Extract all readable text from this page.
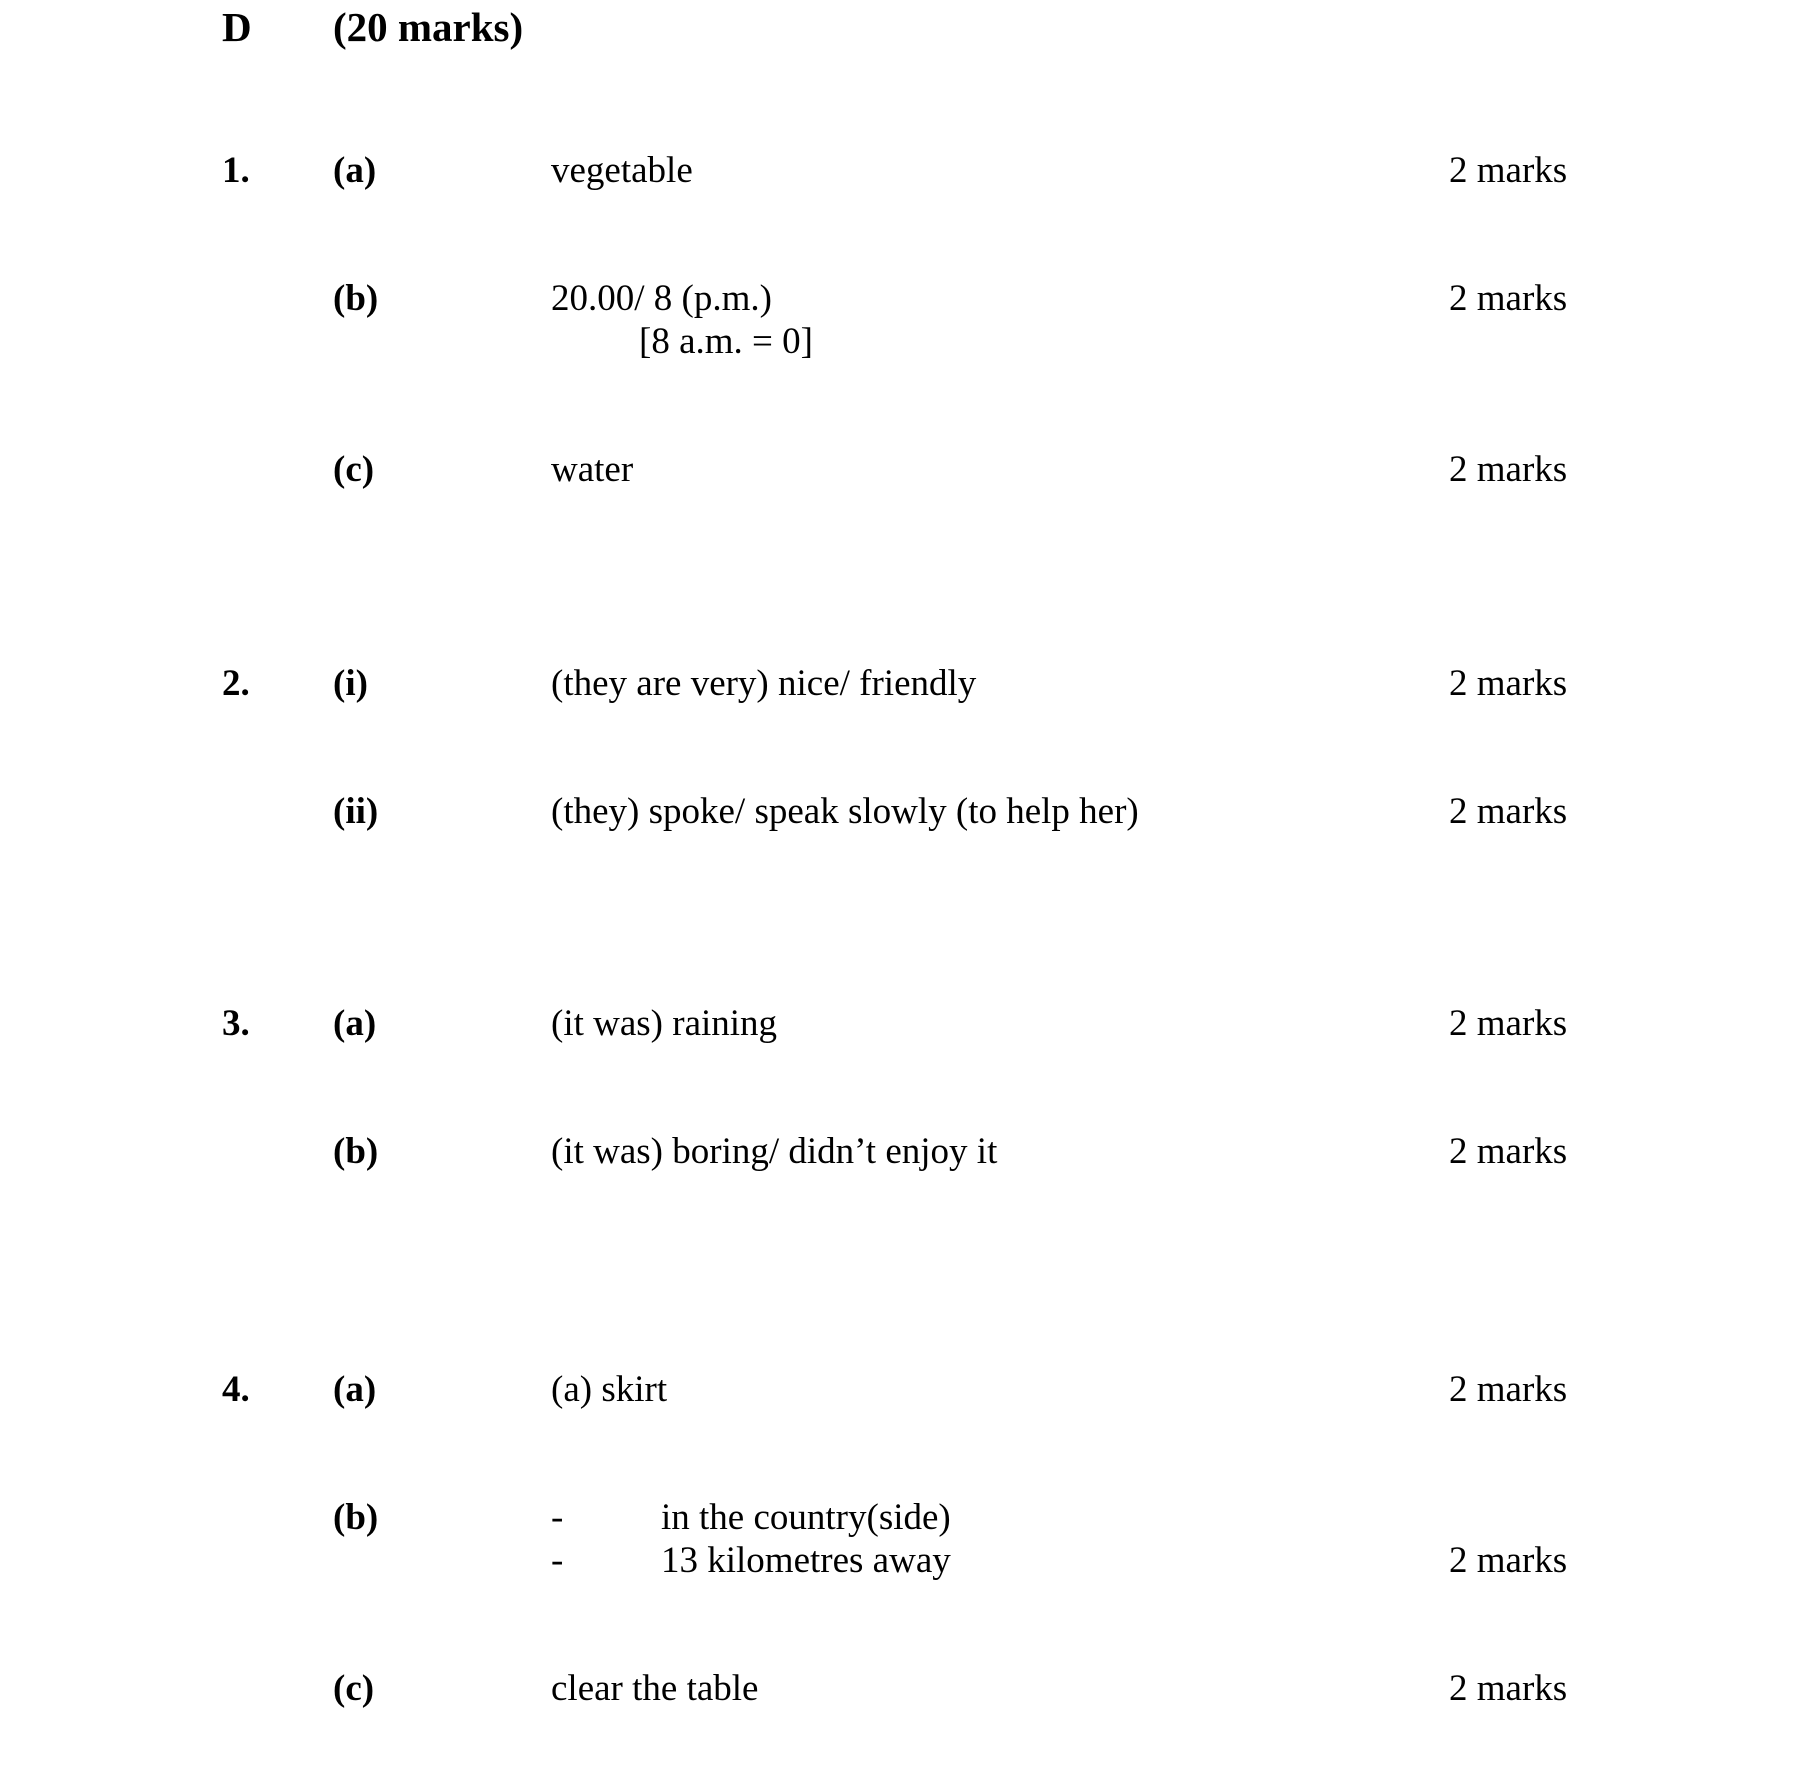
D (20 marks)
1. (a)	vegetable	2 marks
(b)	20.00/ 8 (p.m.)
[8 a.m. = 0]
2 marks
(c)	water	2 marks
2. (i)	(they are very) nice/ friendly	2 marks
(ii)	(they) spoke/ speak slowly (to help her)	2 marks
3. (a)	(it was) raining	2 marks
(b)	(it was) boring/ didn’t enjoy it	2 marks
4. (a)	(a) skirt	2 marks
(b)	-	in the country(side)
-	13 kilometres away	2 marks
(c)	clear the table	2 marks
